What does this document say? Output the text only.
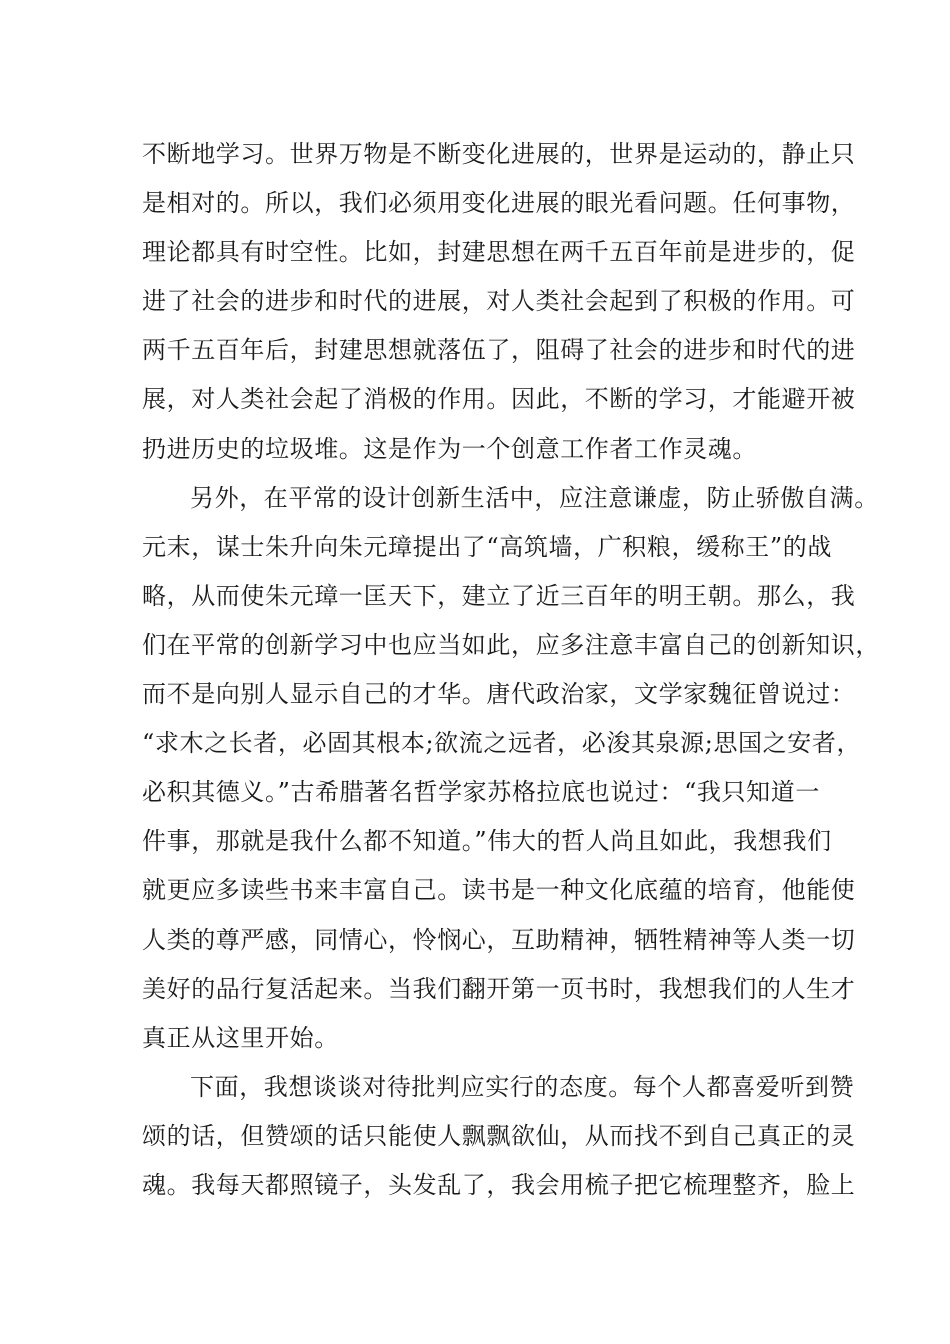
不断地学习。世界万物是不断变化进展的，世界是运动的，静止只
是相对的。所以，我们必须用变化进展的眼光看问题。任何事物，
理论都具有时空性。比如，封建思想在两千五百年前是进步的，促
进了社会的进步和时代的进展，对人类社会起到了积极的作用。可
两千五百年后，封建思想就落伍了，阻碍了社会的进步和时代的进
展，对人类社会起了消极的作用。因此，不断的学习，才能避开被
扔进历史的垃圾堆。这是作为一个创意工作者工作灵魂。
另外，在平常的设计创新生活中，应注意谦虚，防止骄傲自满。
元末，谋士朱升向朱元璋提出了“高筑墙，广积粮，缓称王”的战
略，从而使朱元璋一匡天下，建立了近三百年的明王朝。那么，我
们在平常的创新学习中也应当如此，应多注意丰富自己的创新知识，
而不是向别人显示自己的才华。唐代政治家，文学家魏征曾说过：
“求木之长者，必固其根本;欲流之远者，必浚其泉源;思国之安者，
必积其德义。”古希腊著名哲学家苏格拉底也说过：“我只知道一
件事，那就是我什么都不知道。”伟大的哲人尚且如此，我想我们
就更应多读些书来丰富自己。读书是一种文化底蕴的培育，他能使
人类的尊严感，同情心，怜悯心，互助精神，牺牲精神等人类一切
美好的品行复活起来。当我们翻开第一页书时，我想我们的人生才
真正从这里开始。
下面，我想谈谈对待批判应实行的态度。每个人都喜爱听到赞
颂的话，但赞颂的话只能使人飘飘欲仙，从而找不到自己真正的灵
魂。我每天都照镜子，头发乱了，我会用梳子把它梳理整齐，脸上
